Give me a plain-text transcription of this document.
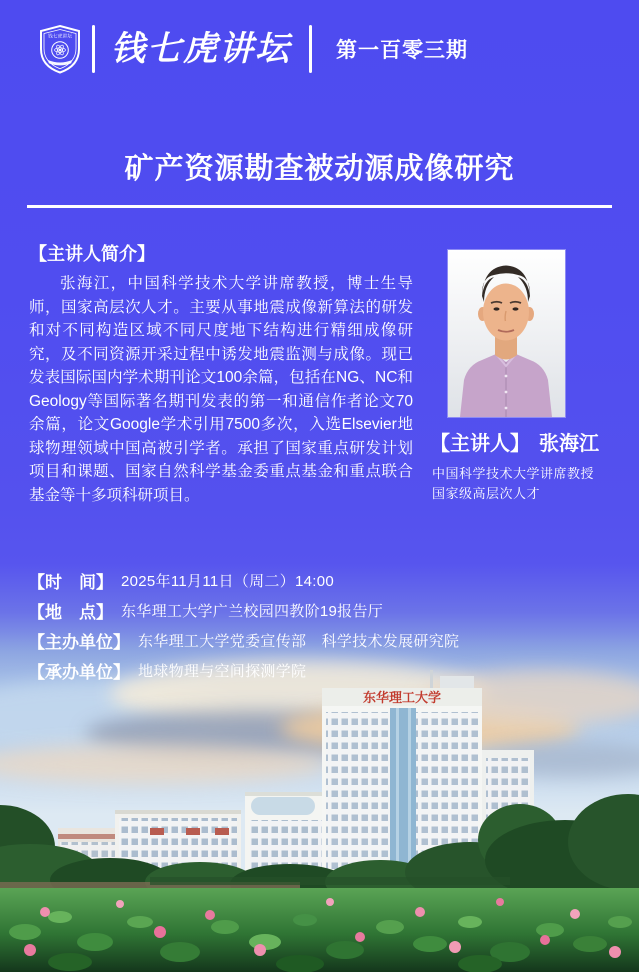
东华理工大学
钱七虎讲坛 钱七虎讲坛	第一百零三期
矿产资源勘查被动源成像研究
【主讲人简介】

张海江，中国科学技术大学讲席教授，博士生导师，国家高层次人才。主要从事地震成像新算法的研发和对不同构造区域不同尺度地下结构进行精细成像研究，及不同资源开采过程中诱发地震监测与成像。现已发表国际国内学术期刊论文100余篇，包括在NG、NC和Geology等国际著名期刊发表的第一和通信作者论文70余篇，论文Google学术引用7500多次，入选Elsevier地球物理领域中国高被引学者。承担了国家重点研发计划项目和课题、国家自然科学基金委重点基金和重点联合基金等十多项科研项目。

【主讲人】 张海江
中国科学技术大学讲席教授
国家级高层次人才
【时　间】 2025年11月11日（周二）14:00
【地　点】 东华理工大学广兰校园四教阶19报告厅
【主办单位】 东华理工大学党委宣传部　科学技术发展研究院
【承办单位】 地球物理与空间探测学院
